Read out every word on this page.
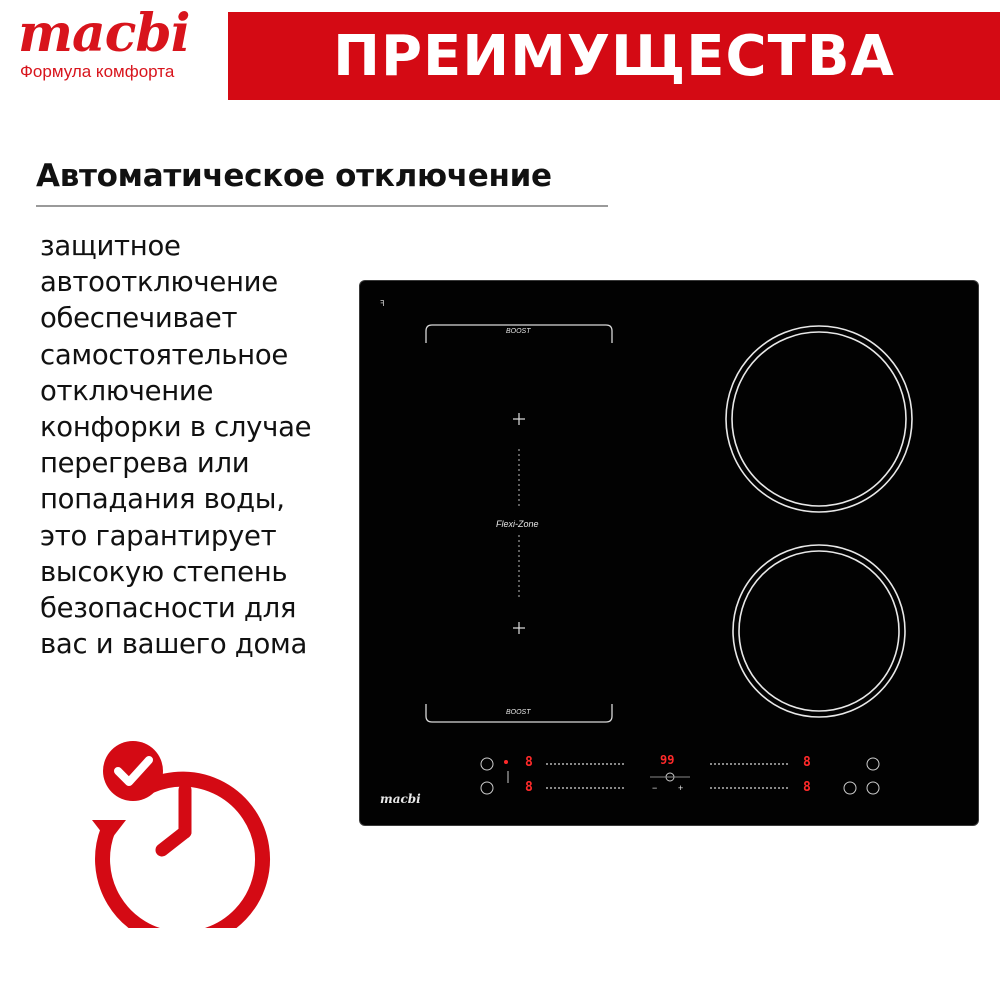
macbi
Формула комфорта	ПРЕИМУЩЕСТВА
Автоматическое отключение
защитное
автоотключение
обеспечивает
самостоятельное
отключение
конфорки в случае
перегрева или
попадания воды,
это гарантирует
высокую степень
безопасности для
вас и вашего дома
ꟻ
BOOST
BOOST
Flexi-Zone
99
8
8
8
8
− +
macbi
